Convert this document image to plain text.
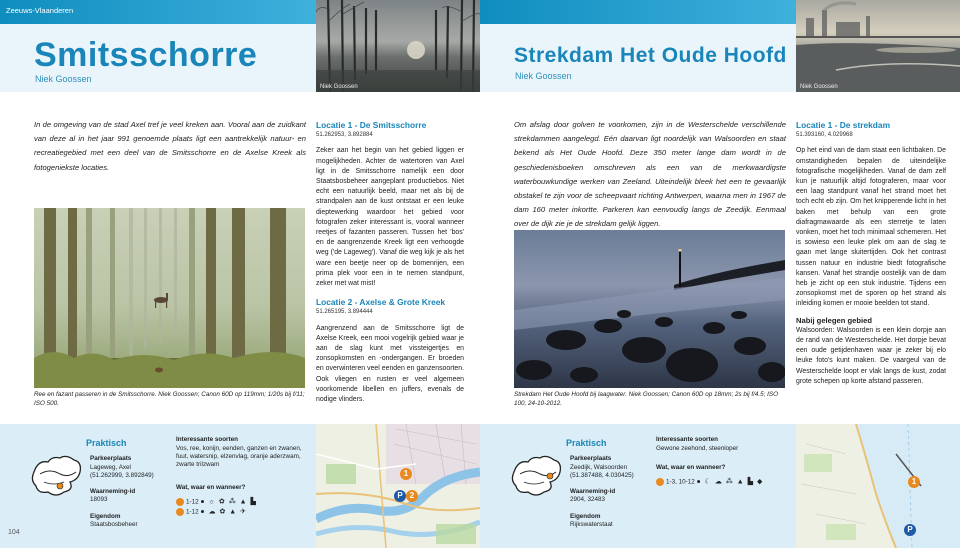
Zeeuws-Vlaanderen
Smitsschorre
Niek Goossen
Niek Goossen
In de omgeving van de stad Axel tref je veel kreken aan. Vooral aan de zuidkant van deze al in het jaar 991 genoemde plaats ligt een aantrekkelijk natuur- en recreatiegebied met een deel van de Smitsschorre en de Axelse Kreek als fotogeniekste locaties.
Ree en fazant passeren in de Smitsschorre. Niek Goossen; Canon 60D op 119mm; 1/20s bij f/11; ISO 500.
Locatie 1 - De Smitsschorre
51.262953, 3.892884

Zeker aan het begin van het gebied liggen er mogelijkheden. Achter de watertoren van Axel ligt in de Smitsschorre namelijk een door Staatsbosbeheer aangeplant productiebos. Niet echt een natuurlijk beeld, maar net als bij de strandpalen aan de kust ontstaat er een leuke dieptewerking waardoor het gebied voor fotografen zeker interessant is, vooral wanneer reetjes of fazanten passeren. Tussen het 'bos' en de aangrenzende Kreek ligt een verhoogde weg ('de Lageweg'). Vanaf die weg kijk je als het ware een beetje neer op de bomenrijen, een prima plek voor een in te nemen standpunt, zeker met wat mist!

Locatie 2 - Axelse & Grote Kreek
51.265195, 3.894444

Aangrenzend aan de Smitsschorre ligt de Axelse Kreek, een mooi vogelrijk gebied waar je aan de slag kunt met vissteigertjes en zonsopkomsten en -ondergangen. Er broeden en overwinteren veel eenden en ganzensoorten. Ook vliegen en rusten er veel algemeen voorkomende libellen en juffers, evenals de nodige vlinders.

Praktisch
Parkeerplaats
Lageweg, Axel
(51.262999, 3.892849)
Waarneming-id
18093
Eigendom
Staatsbosbeheer
Interessante soorten
Vos, ree, konijn, eenden, ganzen en zwanen, fuut, watersnip, elzenvlag, oranje aderzwam, zwarte trilzwam
Wat, waar en wanneer?
1-12 ● ☼ ✿ ⁂ ▲ ▙
1-12 ● ☁ ✿ ▲ ✈
104
1
2
P
Strekdam Het Oude Hoofd
Niek Goossen
Niek Goossen
Om afslag door golven te voorkomen, zijn in de Westerschelde verschillende strekdammen aangelegd. Eén daarvan ligt noordelijk van Walsoorden en staat bekend als Het Oude Hoofd. Deze 350 meter lange dam wordt in de geschiedenisboeken omschreven als een van de merkwaardigste waterbouwkundige werken van Zeeland. Uiteindelijk bleek het een te gevaarlijk obstakel te zijn voor de scheepvaart richting Antwerpen, waarna men in 1967 de dam 160 meter inkortte. Parkeren kan eenvoudig langs de Zeedijk. Eenmaal over de dijk zie je de strekdam gelijk liggen.
Strekdam Het Oude Hoofd bij laagwater. Niek Goossen; Canon 60D op 18mm; 2s bij f/4.5; ISO 100, 24-10-2012.
Locatie 1 - De strekdam
51.393160, 4.029968

Op het eind van de dam staat een lichtbaken. De omstandigheden bepalen de uiteindelijke fotografische mogelijkheden. Vanaf de dam zelf kun je natuurlijk altijd fotograferen, maar voor een laag standpunt vanaf het strand moet het toch echt eb zijn. Om het knipperende licht in het baken met behulp van een grote diafragmawaarde als een sterretje te laten vonken, moet het toch minimaal schemeren. Het is sowieso een leuke plek om aan de slag te gaan met lange sluitertijden. Ook het contrast tussen natuur en industrie biedt fotografische kansen. Vanaf het strandje oostelijk van de dam heb je zicht op een stuk industrie. Tijdens een zonsopkomst met de sporen op het strand als inleiding komen er mooie beelden tot stand.

Nabij gelegen gebied

Walsoorden: Walsoorden is een klein dorpje aan de rand van de Westerschelde. Het dorpje bevat een oude getijdenhaven waar je zeker bij elo leuke foto's kunt maken. De vaargeul van de Westerschelde loopt er vlak langs de kust, zodat grote schepen op korte afstand passeren.

Praktisch
Parkeerplaats
Zeedijk, Walsoorden
(51.387488, 4.030425)
Waarneming-id
2904, 32483
Eigendom
Rijkswaterstaat
Interessante soorten
Gewone zeehond, steenloper
Wat, waar en wanneer?
1-3, 10-12 ● ☾ ☁ ⁂ ▲ ▙ ◆	1
P
